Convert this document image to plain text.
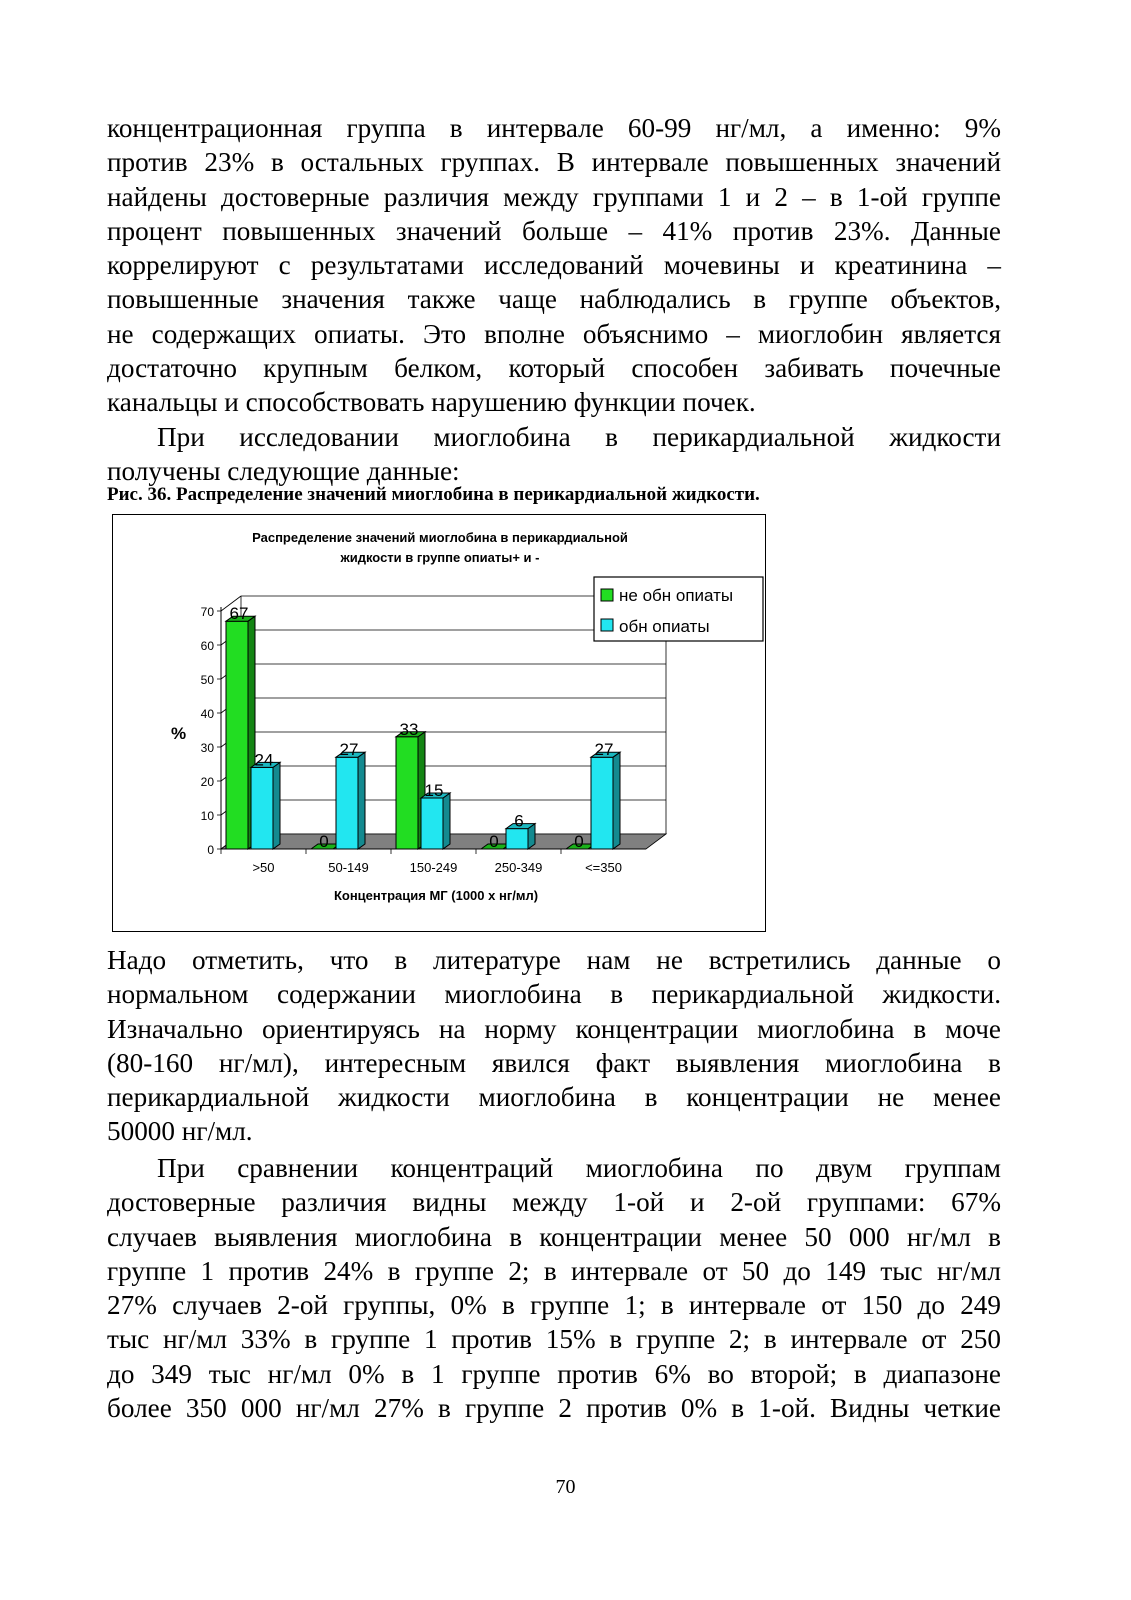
концентрационная группа в интервале 60-99 нг/мл, а именно: 9%
против 23% в остальных группах. В интервале повышенных значений
найдены достоверные различия между группами 1 и 2 – в 1-ой группе
процент повышенных значений больше – 41% против 23%. Данные
коррелируют с результатами исследований мочевины и креатинина –
повышенные значения также чаще наблюдались в группе объектов,
не содержащих опиаты. Это вполне объяснимо – миоглобин является
достаточно крупным белком, который способен забивать почечные
канальцы и способствовать нарушению функции почек.
При исследовании миоглобина в перикардиальной жидкости
получены следующие данные:
Рис. 36. Распределение значений миоглобина в перикардиальной жидкости.
Распределение значений миоглобина в перикардиальной
жидкости в группе опиаты+ и -
0
10
20
30
40
50
60
70
>50
67
24
50-149
0
27
150-249
33
15
250-349
0
6
<=350
0
27
%
Концентрация МГ (1000 х нг/мл)
не обн опиаты
обн опиаты
Надо отметить, что в литературе нам не встретились данные о
нормальном содержании миоглобина в перикардиальной жидкости.
Изначально ориентируясь на норму концентрации миоглобина в моче
(80-160 нг/мл), интересным явился факт выявления миоглобина в
перикардиальной жидкости миоглобина в концентрации не менее
50000 нг/мл.
При сравнении концентраций миоглобина по двум группам
достоверные различия видны между 1-ой и 2-ой группами: 67%
случаев выявления миоглобина в концентрации менее 50 000 нг/мл в
группе 1 против 24% в группе 2; в интервале от 50 до 149 тыс нг/мл
27% случаев 2-ой группы, 0% в группе 1; в интервале от 150 до 249
тыс нг/мл 33% в группе 1 против 15% в группе 2; в интервале от 250
до 349 тыс нг/мл 0% в 1 группе против 6% во второй; в диапазоне
более 350 000 нг/мл 27% в группе 2 против 0% в 1-ой. Видны четкие
70
